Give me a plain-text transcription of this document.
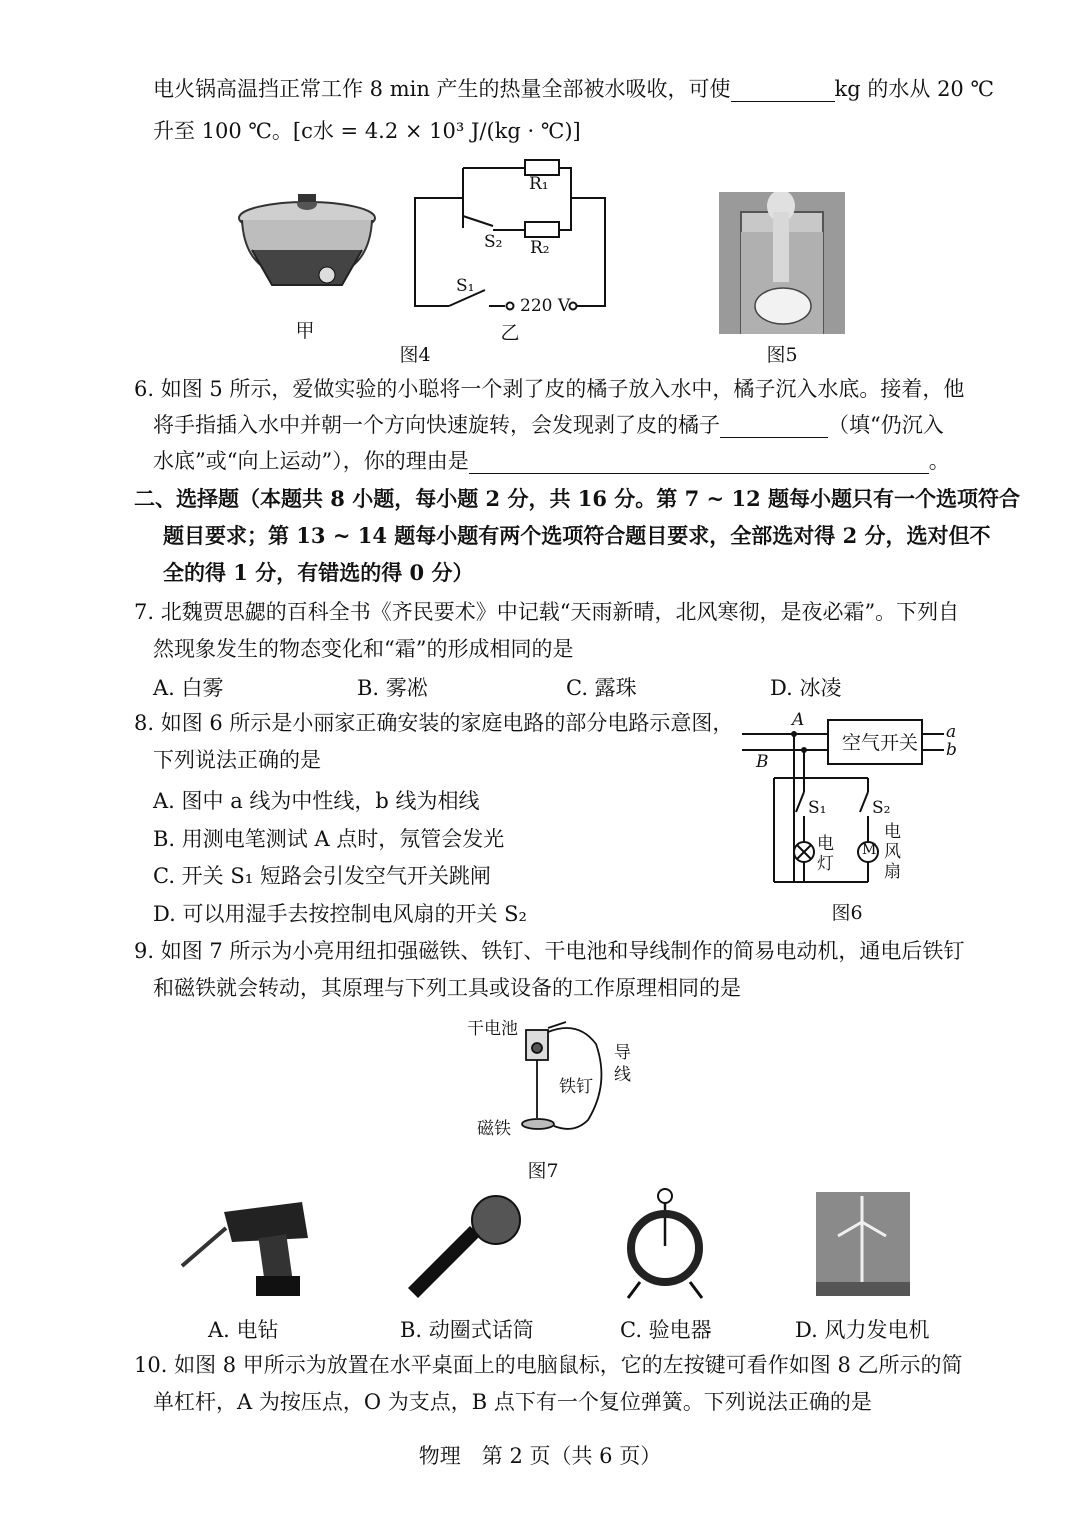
电火锅高温挡正常工作 8 min 产生的热量全部被水吸收，可使	kg 的水从 20 ℃
升至 100 ℃。[c水 = 4.2 × 10³ J/(kg · ℃)]
甲
R₁
R₂
S₂
S₁
220 V
乙
图4	图5
6. 如图 5 所示，爱做实验的小聪将一个剥了皮的橘子放入水中，橘子沉入水底。接着，他
将手指插入水中并朝一个方向快速旋转，会发现剥了皮的橘子	（填“仍沉入
水底”或“向上运动”），你的理由是	。
二、选择题（本题共 8 小题，每小题 2 分，共 16 分。第 7 ~ 12 题每小题只有一个选项符合
题目要求；第 13 ~ 14 题每小题有两个选项符合题目要求，全部选对得 2 分，选对但不
全的得 1 分，有错选的得 0 分）
7. 北魏贾思勰的百科全书《齐民要术》中记载“天雨新晴，北风寒彻，是夜必霜”。下列自
然现象发生的物态变化和“霜”的形成相同的是
A. 白雾	B. 雾凇	C. 露珠	D. 冰凌
8. 如图 6 所示是小丽家正确安装的家庭电路的部分电路示意图，
下列说法正确的是
A. 图中 a 线为中性线，b 线为相线
B. 用测电笔测试 A 点时，氖管会发光
C. 开关 S₁ 短路会引发空气开关跳闸
D. 可以用湿手去按控制电风扇的开关 S₂
空气开关 a
b
A
B
S₁	S₂
电灯
M
电风扇
图6
9. 如图 7 所示为小亮用纽扣强磁铁、铁钉、干电池和导线制作的简易电动机，通电后铁钉
和磁铁就会转动，其原理与下列工具或设备的工作原理相同的是
干电池
铁钉
磁铁
导线
图7
A. 电钻	B. 动圈式话筒	C. 验电器	D. 风力发电机
10. 如图 8 甲所示为放置在水平桌面上的电脑鼠标，它的左按键可看作如图 8 乙所示的简
单杠杆，A 为按压点，O 为支点，B 点下有一个复位弹簧。下列说法正确的是
物理　第 2 页（共 6 页）
